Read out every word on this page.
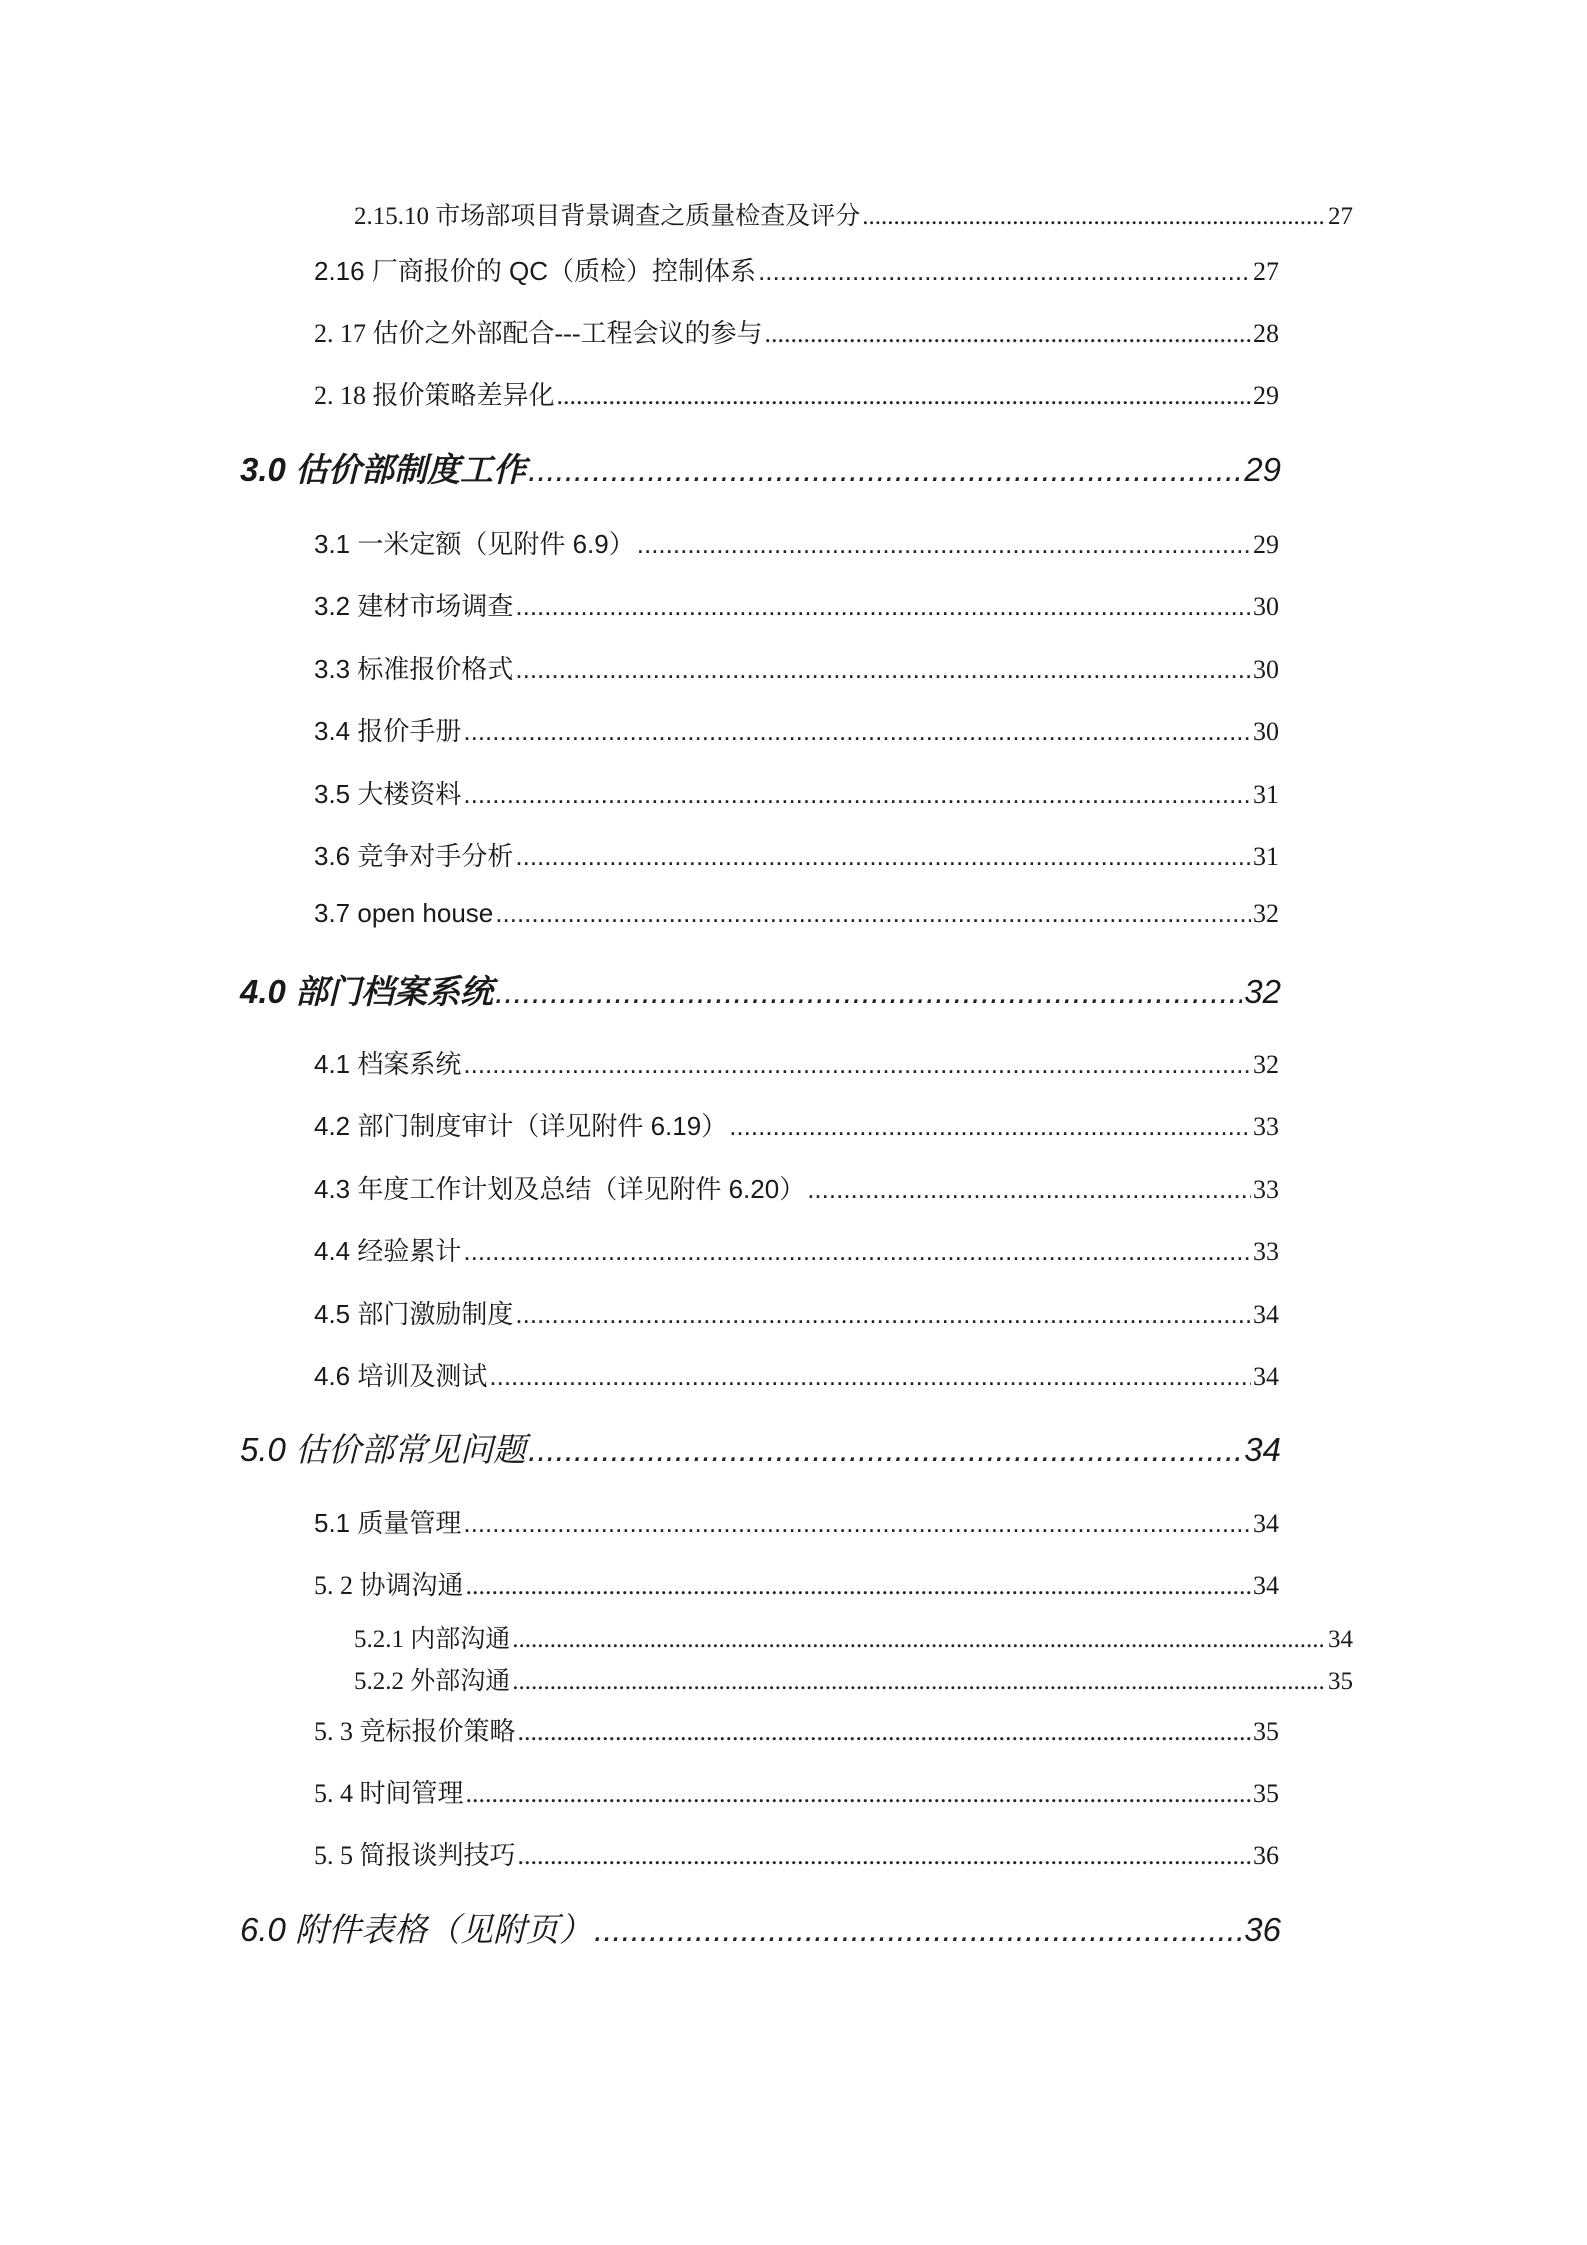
2.15.10 市场部项目背景调查之质量检查及评分 .....	27
2.16 厂商报价的 QC（质检）控制体系 .....	27
2. 17 估价之外部配合---工程会议的参与 .....	28
2. 18 报价策略差异化 .....	29
3.0 估价部制度工作 .....	29
3.1 一米定额（见附件 6.9） .....	29
3.2 建材市场调查 .....	30
3.3 标准报价格式 .....	30
3.4 报价手册 .....	30
3.5 大楼资料 .....	31
3.6 竞争对手分析 .....	31
3.7 open house .....	32
4.0 部门档案系统 .....	32
4.1 档案系统 .....	32
4.2 部门制度审计（详见附件 6.19） .....	33
4.3 年度工作计划及总结（详见附件 6.20） .....	33
4.4 经验累计 .....	33
4.5 部门激励制度 .....	34
4.6 培训及测试 .....	34
5.0 估价部常见问题 .....	34
5.1 质量管理 .....	34
5. 2 协调沟通 .....	34
5.2.1 内部沟通 .....	34
5.2.2 外部沟通 .....	35
5. 3 竞标报价策略 .....	35
5. 4 时间管理 .....	35
5. 5 简报谈判技巧 .....	36
6.0 附件表格（见附页） .....	36
